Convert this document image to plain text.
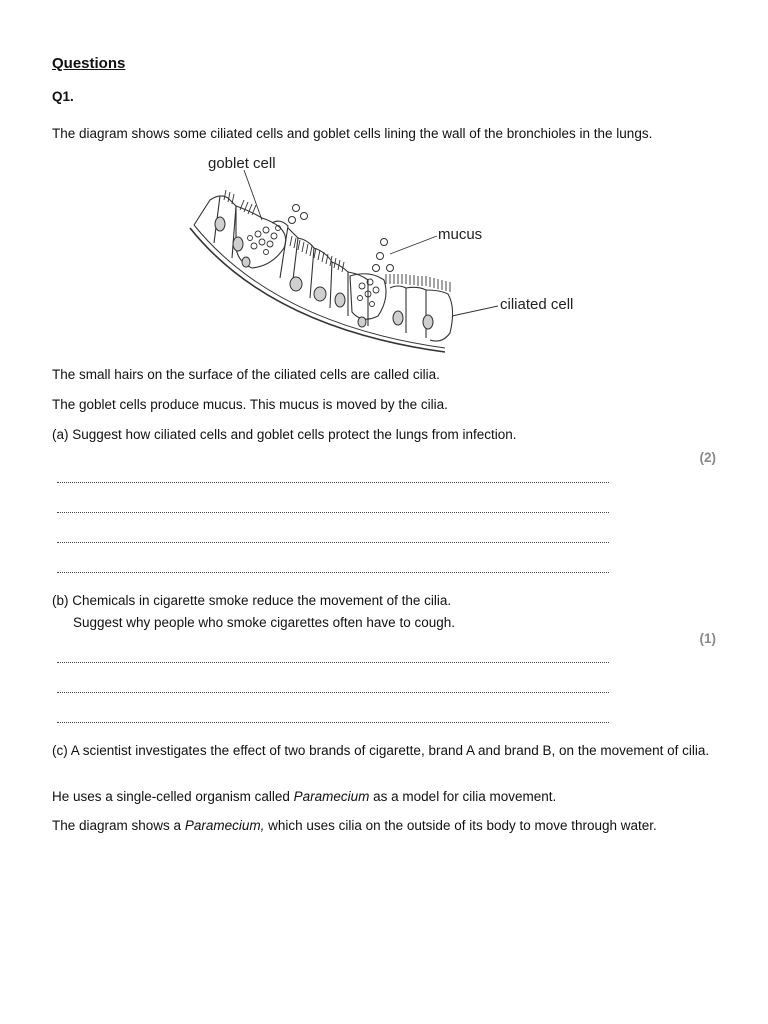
Questions
Q1.
The diagram shows some ciliated cells and goblet cells lining the wall of the bronchioles in the lungs.
goblet cell
mucus
ciliated cell
The small hairs on the surface of the ciliated cells are called cilia.
The goblet cells produce mucus. This mucus is moved by the cilia.
(a) Suggest how ciliated cells and goblet cells protect the lungs from infection.
(2)
(b) Chemicals in cigarette smoke reduce the movement of the cilia.
Suggest why people who smoke cigarettes often have to cough.
(1)
(c) A scientist investigates the effect of two brands of cigarette, brand A and brand B, on the movement of cilia.
He uses a single-celled organism called Paramecium as a model for cilia movement.
The diagram shows a Paramecium, which uses cilia on the outside of its body to move through water.
